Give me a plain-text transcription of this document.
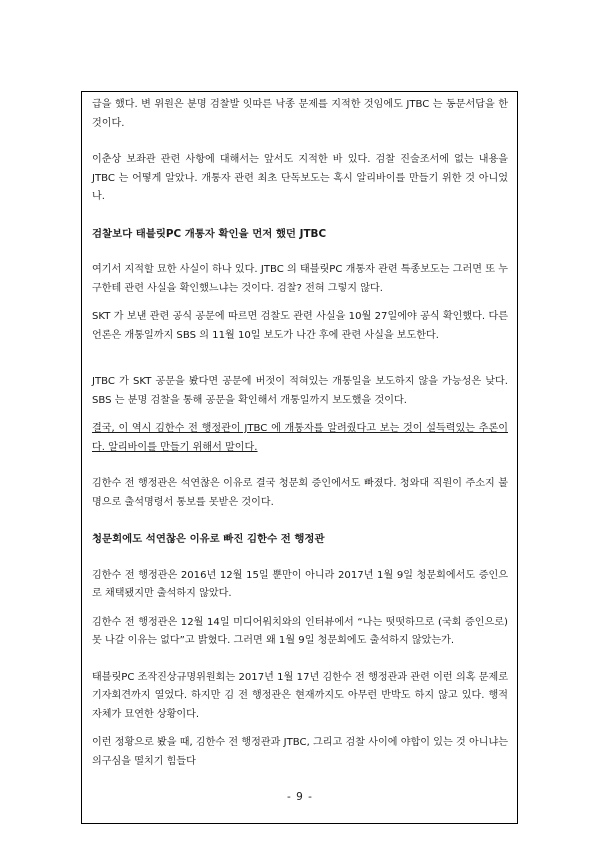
급을 했다. 변 위원은 분명 검찰발 잇따른 낙종 문제를 지적한 것임에도 JTBC 는 동문서답을 한 것이다.

이춘상 보좌관 관련 사항에 대해서는 앞서도 지적한 바 있다. 검찰 진술조서에 없는 내용을 JTBC 는 어떻게 알았나. 개통자 관련 최초 단독보도는 혹시 알리바이를 만들기 위한 것 아니었나.

검찰보다 태블릿PC 개통자 확인을 먼저 했던 JTBC

여기서 지적할 묘한 사실이 하나 있다. JTBC 의 태블릿PC 개통자 관련 특종보도는 그러면 또 누구한테 관련 사실을 확인했느냐는 것이다. 검찰? 전혀 그렇지 않다.

SKT 가 보낸 관련 공식 공문에 따르면 검찰도 관련 사실을 10월 27일에야 공식 확인했다. 다른 언론은 개통일까지 SBS 의 11월 10일 보도가 나간 후에 관련 사실을 보도한다.

JTBC 가 SKT 공문을 봤다면 공문에 버젓이 적혀있는 개통일을 보도하지 않을 가능성은 낮다. SBS 는 분명 검찰을 통해 공문을 확인해서 개통일까지 보도했을 것이다.

결국, 이 역시 김한수 전 행정관이 JTBC 에 개통자를 알려줬다고 보는 것이 설득력있는 추론이다. 알리바이를 만들기 위해서 말이다.

김한수 전 행정관은 석연찮은 이유로 결국 청문회 증인에서도 빠졌다. 청와대 직원이 주소지 불명으로 출석명령서 통보를 못받은 것이다.

청문회에도 석연찮은 이유로 빠진 김한수 전 행정관

김한수 전 행정관은 2016년 12월 15일 뿐만이 아니라 2017년 1월 9일 청문회에서도 증인으로 채택됐지만 출석하지 않았다.

김한수 전 행정관은 12월 14일 미디어워치와의 인터뷰에서 “나는 떳떳하므로 (국회 증인으로) 못 나갈 이유는 없다”고 밝혔다. 그러면 왜 1월 9일 청문회에도 출석하지 않았는가.

태블릿PC 조작진상규명위원회는 2017년 1월 17년 김한수 전 행정관과 관련 이런 의혹 문제로 기자회견까지 열었다. 하지만 김 전 행정관은 현재까지도 아무런 반박도 하지 않고 있다. 행적 자체가 묘연한 상황이다.

이런 정황으로 봤을 때, 김한수 전 행정관과 JTBC, 그리고 검찰 사이에 야합이 있는 것 아니냐는 의구심을 떨치기 힘들다

- 9 -
